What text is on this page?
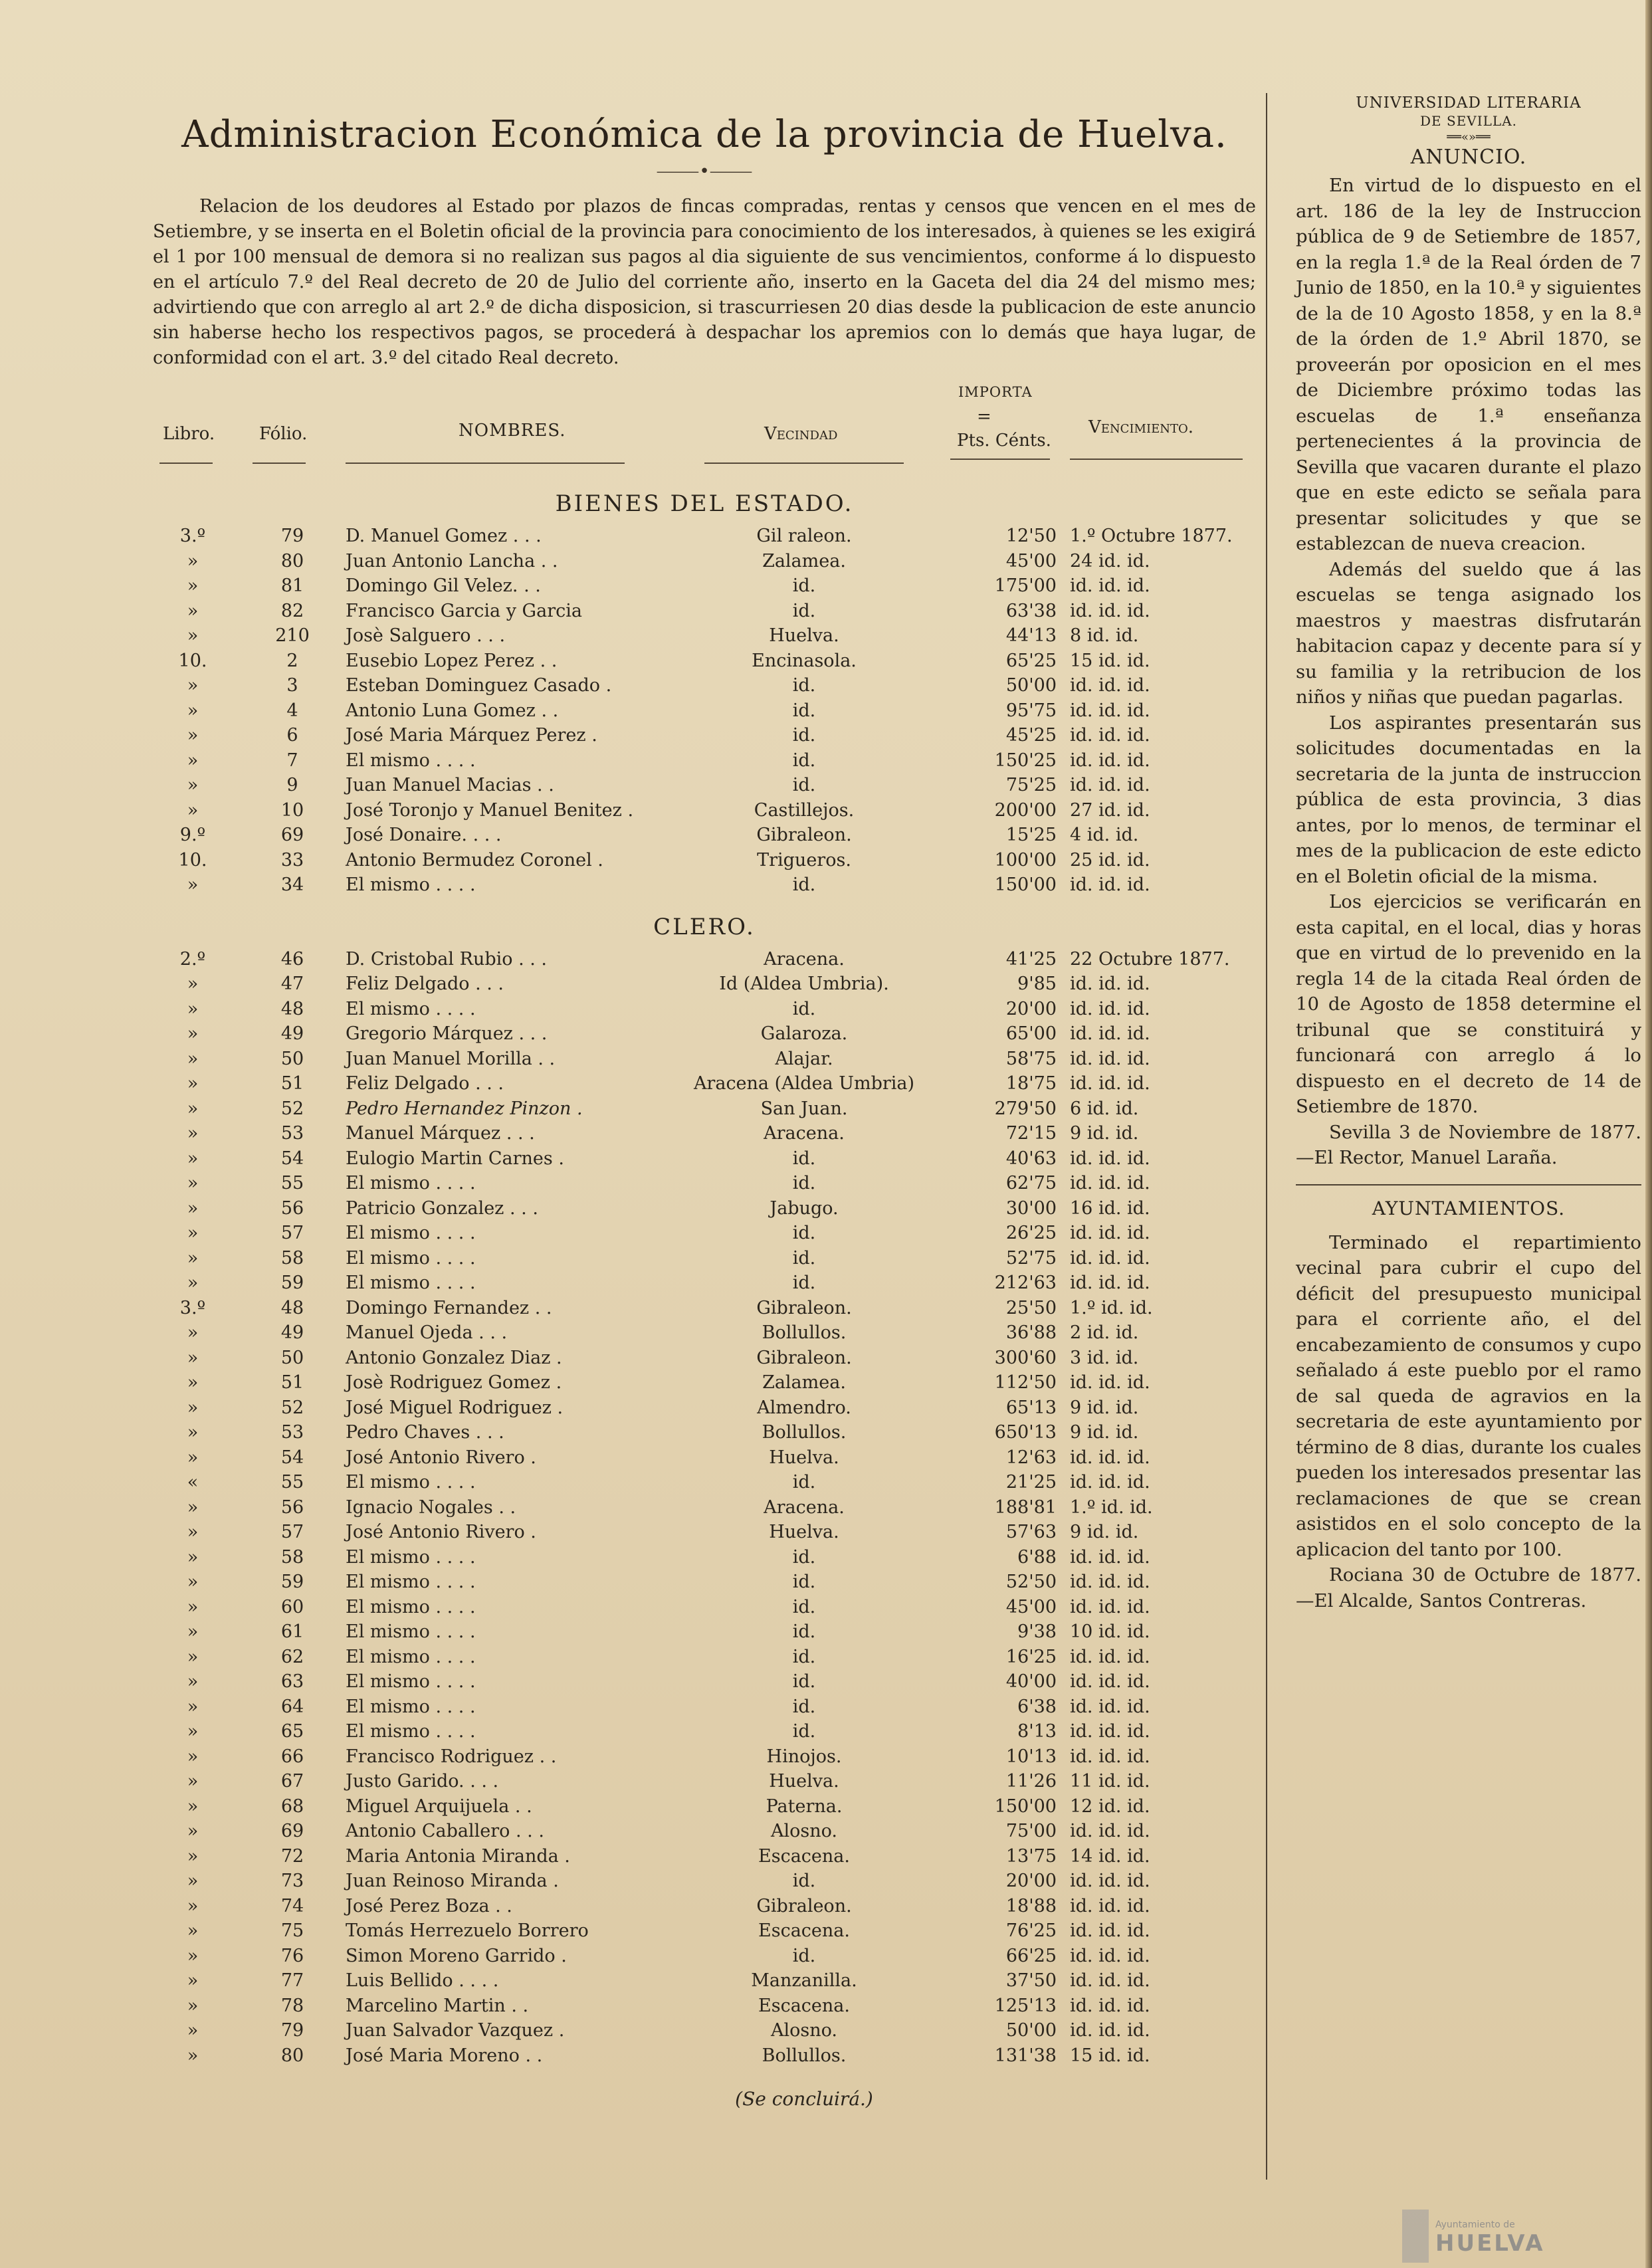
Administracion Económica de la provincia de Huelva.
⸻•⸻

Relacion de los deudores al Estado por plazos de fincas compradas, rentas y censos que vencen en el mes de Setiembre, y se inserta en el Boletin oficial de la provincia para conocimiento de los interesados, à quienes se les exigirá el 1 por 100 mensual de demora si no realizan sus pagos al dia siguiente de sus vencimientos, conforme á lo dispuesto en el artículo 7.º del Real decreto de 20 de Julio del corriente año, inserto en la Gaceta del dia 24 del mismo mes; advirtiendo que con arreglo al art 2.º de dicha disposicion, si trascurriesen 20 dias desde la publicacion de este anuncio sin haberse hecho los respectivos pagos, se procederá à despachar los apremios con lo demás que haya lugar, de conformidad con el art. 3.º del citado Real decreto.

Libro.	Fólio.	NOMBRES.	Vecindad
IMPORTA
=
Pts. Cénts.
Vencimiento.
BIENES DEL ESTADO.
3.º	79	D. Manuel Gomez . . .	Gil raleon.	12'50 1.º Octubre 1877.
»	80	Juan Antonio Lancha . .	Zalamea.	45'00 24 id. id.
»	81	Domingo Gil Velez. . .	id.	175'00 id. id. id.
»	82	Francisco Garcia y Garcia	id.	63'38 id. id. id.
»	210	Josè Salguero . . .	Huelva.	44'13 8 id. id.
10.	2	Eusebio Lopez Perez . .	Encinasola.	65'25 15 id. id.
»	3	Esteban Dominguez Casado .	id.	50'00 id. id. id.
»	4	Antonio Luna Gomez . .	id.	95'75 id. id. id.
»	6	José Maria Márquez Perez .	id.	45'25 id. id. id.
»	7	El mismo . . . .	id.	150'25 id. id. id.
»	9	Juan Manuel Macias . .	id.	75'25 id. id. id.
»	10	José Toronjo y Manuel Benitez .	Castillejos.	200'00 27 id. id.
9.º	69	José Donaire. . . .	Gibraleon.	15'25 4 id. id.
10.	33	Antonio Bermudez Coronel .	Trigueros.	100'00 25 id. id.
»	34	El mismo . . . .	id.	150'00 id. id. id.
CLERO.
2.º	46	D. Cristobal Rubio . . .	Aracena.	41'25 22 Octubre 1877.
»	47	Feliz Delgado . . .	Id (Aldea Umbria).	9'85 id. id. id.
»	48	El mismo . . . .	id.	20'00 id. id. id.
»	49	Gregorio Márquez . . .	Galaroza.	65'00 id. id. id.
»	50	Juan Manuel Morilla . .	Alajar.	58'75 id. id. id.
»	51	Feliz Delgado . . .	Aracena (Aldea Umbria)	18'75 id. id. id.
»	52	Pedro Hernandez Pinzon .	San Juan.	279'50 6 id. id.
»	53	Manuel Márquez . . .	Aracena.	72'15 9 id. id.
»	54	Eulogio Martin Carnes .	id.	40'63 id. id. id.
»	55	El mismo . . . .	id.	62'75 id. id. id.
»	56	Patricio Gonzalez . . .	Jabugo.	30'00 16 id. id.
»	57	El mismo . . . .	id.	26'25 id. id. id.
»	58	El mismo . . . .	id.	52'75 id. id. id.
»	59	El mismo . . . .	id.	212'63 id. id. id.
3.º	48	Domingo Fernandez . .	Gibraleon.	25'50 1.º id. id.
»	49	Manuel Ojeda . . .	Bollullos.	36'88 2 id. id.
»	50	Antonio Gonzalez Diaz .	Gibraleon.	300'60 3 id. id.
»	51	Josè Rodriguez Gomez .	Zalamea.	112'50 id. id. id.
»	52	José Miguel Rodriguez .	Almendro.	65'13 9 id. id.
»	53	Pedro Chaves . . .	Bollullos.	650'13 9 id. id.
»	54	José Antonio Rivero .	Huelva.	12'63 id. id. id.
«	55	El mismo . . . .	id.	21'25 id. id. id.
»	56	Ignacio Nogales . .	Aracena.	188'81 1.º id. id.
»	57	José Antonio Rivero .	Huelva.	57'63 9 id. id.
»	58	El mismo . . . .	id.	6'88 id. id. id.
»	59	El mismo . . . .	id.	52'50 id. id. id.
»	60	El mismo . . . .	id.	45'00 id. id. id.
»	61	El mismo . . . .	id.	9'38 10 id. id.
»	62	El mismo . . . .	id.	16'25 id. id. id.
»	63	El mismo . . . .	id.	40'00 id. id. id.
»	64	El mismo . . . .	id.	6'38 id. id. id.
»	65	El mismo . . . .	id.	8'13 id. id. id.
»	66	Francisco Rodriguez . .	Hinojos.	10'13 id. id. id.
»	67	Justo Garido. . . .	Huelva.	11'26 11 id. id.
»	68	Miguel Arquijuela . .	Paterna.	150'00 12 id. id.
»	69	Antonio Caballero . . .	Alosno.	75'00 id. id. id.
»	72	Maria Antonia Miranda .	Escacena.	13'75 14 id. id.
»	73	Juan Reinoso Miranda .	id.	20'00 id. id. id.
»	74	José Perez Boza . .	Gibraleon.	18'88 id. id. id.
»	75	Tomás Herrezuelo Borrero	Escacena.	76'25 id. id. id.
»	76	Simon Moreno Garrido .	id.	66'25 id. id. id.
»	77	Luis Bellido . . . .	Manzanilla.	37'50 id. id. id.
»	78	Marcelino Martin . .	Escacena.	125'13 id. id. id.
»	79	Juan Salvador Vazquez .	Alosno.	50'00 id. id. id.
»	80	José Maria Moreno . .	Bollullos.	131'38 15 id. id.
(Se concluirá.)
UNIVERSIDAD LITERARIA
DE SEVILLA.
══«»══
ANUNCIO.

En virtud de lo dispuesto en el art. 186 de la ley de Instruccion pública de 9 de Setiembre de 1857, en la regla 1.ª de la Real órden de 7 Junio de 1850, en la 10.ª y siguientes de la de 10 Agosto 1858, y en la 8.ª de la órden de 1.º Abril 1870, se proveerán por oposicion en el mes de Diciembre próximo todas las escuelas de 1.ª enseñanza pertenecientes á la provincia de Sevilla que vacaren durante el plazo que en este edicto se señala para presentar solicitudes y que se establezcan de nueva creacion.

Además del sueldo que á las escuelas se tenga asignado los maestros y maestras disfrutarán habitacion capaz y decente para sí y su familia y la retribucion de los niños y niñas que puedan pagarlas.

Los aspirantes presentarán sus solicitudes documentadas en la secretaria de la junta de instruccion pública de esta provincia, 3 dias antes, por lo menos, de terminar el mes de la publicacion de este edicto en el Boletin oficial de la misma.

Los ejercicios se verificarán en esta capital, en el local, dias y horas que en virtud de lo prevenido en la regla 14 de la citada Real órden de 10 de Agosto de 1858 determine el tribunal que se constituirá y funcionará con arreglo á lo dispuesto en el decreto de 14 de Setiembre de 1870.

Sevilla 3 de Noviembre de 1877.—El Rector, Manuel Laraña.

AYUNTAMIENTOS.

Terminado el repartimiento vecinal para cubrir el cupo del déficit del presupuesto municipal para el corriente año, el del encabezamiento de consumos y cupo señalado á este pueblo por el ramo de sal queda de agravios en la secretaria de este ayuntamiento por término de 8 dias, durante los cuales pueden los interesados presentar las reclamaciones de que se crean asistidos en el solo concepto de la aplicacion del tanto por 100.

Rociana 30 de Octubre de 1877.—El Alcalde, Santos Contreras.

Ayuntamiento de
HUELVA
